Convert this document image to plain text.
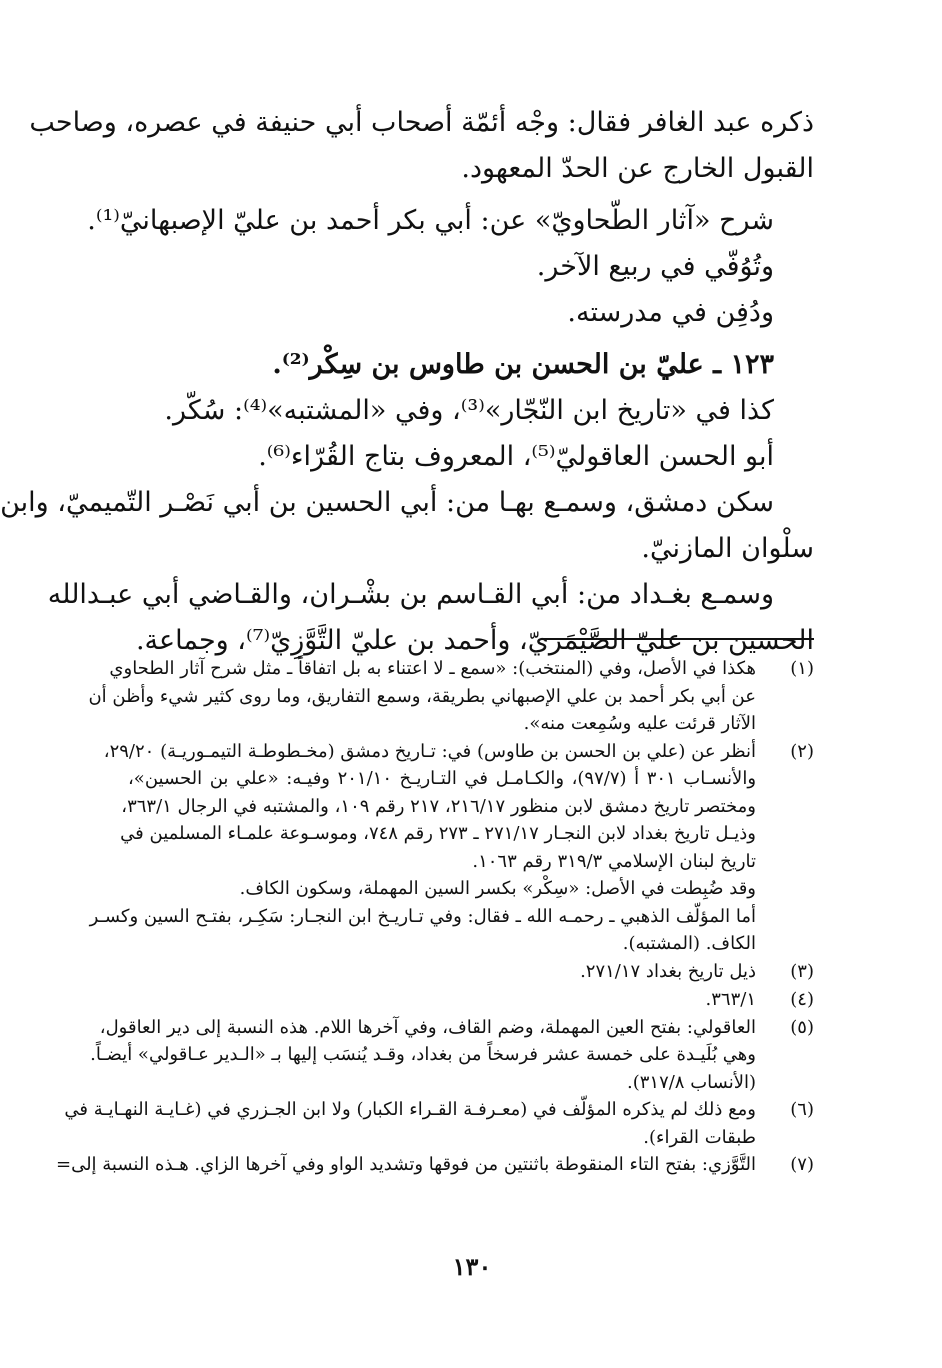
ذكره عبد الغافر فقال: وجْه أئمّة أصحاب أبي حنيفة في عصره، وصاحب
القبول الخارج عن الحدّ المعهود.
شرح «آثار الطّحاويّ» عن: أبي بكر أحمد بن عليّ الإصبهانيّ⁽¹⁾.
وتُوُفّي في ربيع الآخر.
ودُفِن في مدرسته.
١٢٣ ـ عليّ بن الحسن بن طاوس بن سِكْر⁽²⁾.
كذا في «تاريخ ابن النّجّار»⁽³⁾، وفي «المشتبه»⁽⁴⁾: سُكّر.
أبو الحسن العاقوليّ⁽⁵⁾، المعروف بتاج القُرّاء⁽⁶⁾.
سكن دمشق، وسمـع بهـا من: أبي الحسين بن أبي نَصْـر التّميميّ، وابن
سلْوان المازنيّ.
وسمـع بغـداد من: أبي القـاسم بن بشْـران، والقـاضي أبي عبـدالله
الحسين بن عليّ الصَّيْمَريّ، وأحمد بن عليّ التَّوَّزِيّ⁽⁷⁾، وجماعة.
(١)
هكذا في الأصل، وفي (المنتخب): «سمع ـ لا اعتناء به بل اتفاقاً ـ مثل شرح آثار الطحاوي
عن أبي بكر أحمد بن علي الإصبهاني بطريقة، وسمع التفاريق، وما روى كثير شيء وأظن أن
الآثار قرئت عليه وسُمِعت منه».
(٢)
أنظر عن (علي بن الحسن بن طاوس) في: تـاريخ دمشق (مخـطوطـة التيمـوريـة) ٢٩/٢٠،
والأنسـاب ٣٠١ أ (٩٧/٧)، والكـامـل في التـاريـخ ٢٠١/١٠ وفيـه: «علي بن الحسين»،
ومختصر تاريخ دمشق لابن منظور ٢١٦/١٧، ٢١٧ رقم ١٠٩، والمشتبه في الرجال ٣٦٣/١،
وذيـل تاريخ بغداد لابن النجـار ٢٧١/١٧ ـ ٢٧٣ رقم ٧٤٨، وموسـوعة علمـاء المسلمين في
تاريخ لبنان الإسلامي ٣١٩/٣ رقم ١٠٦٣.
وقد ضُبِطت في الأصل: «سِكْر» بكسر السين المهملة، وسكون الكاف.
أما المؤلّف الذهبي ـ رحمـه الله ـ فقال: وفي تـاريـخ ابن النجـار: سَكِـر، بفتـح السين وكسـر
الكاف. (المشتبه).
(٣)
ذيل تاريخ بغداد ٢٧١/١٧.
(٤)
٣٦٣/١.
(٥)
العاقولي: بفتح العين المهملة، وضم القاف، وفي آخرها اللام. هذه النسبة إلى دير العاقول،
وهي بُلَيـدة على خمسة عشر فرسخاً من بغداد، وقـد يُنسَب إليها بـ «الـدير عـاقولي» أيضـاً.
(الأنساب ٣١٧/٨).
(٦)
ومع ذلك لم يذكره المؤلّف في (معـرفـة القـراء الكبار) ولا ابن الجـزري في (غـايـة النهـايـة في
طبقات القراء).
(٧)
التَّوَّزي: بفتح التاء المنقوطة باثنتين من فوقها وتشديد الواو وفي آخرها الزاي. هـذه النسبة إلى=
١٣٠
